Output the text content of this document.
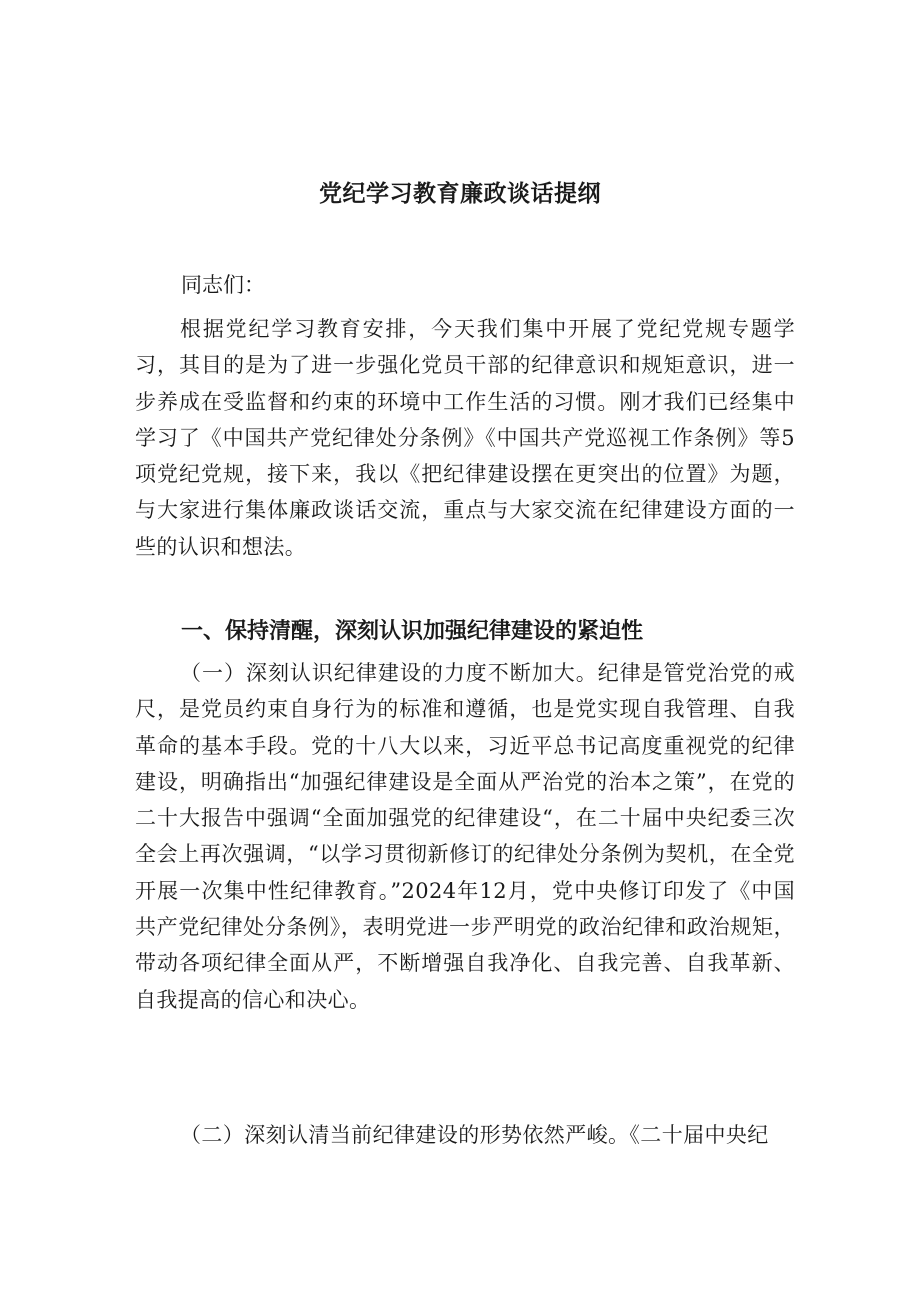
党纪学习教育廉政谈话提纲
同志们：

根据党纪学习教育安排，今天我们集中开展了党纪党规专题学习，其目的是为了进一步强化党员干部的纪律意识和规矩意识，进一步养成在受监督和约束的环境中工作生活的习惯。刚才我们已经集中学习了《中国共产党纪律处分条例》《中国共产党巡视工作条例》等5项党纪党规，接下来，我以《把纪律建设摆在更突出的位置》为题，与大家进行集体廉政谈话交流，重点与大家交流在纪律建设方面的一些的认识和想法。

一、保持清醒，深刻认识加强纪律建设的紧迫性

（一）深刻认识纪律建设的力度不断加大。纪律是管党治党的戒尺，是党员约束自身行为的标准和遵循，也是党实现自我管理、自我革命的基本手段。党的十八大以来，习近平总书记高度重视党的纪律建设，明确指出“加强纪律建设是全面从严治党的治本之策”，在党的二十大报告中强调“全面加强党的纪律建设“，在二十届中央纪委三次全会上再次强调，“以学习贯彻新修订的纪律处分条例为契机，在全党开展一次集中性纪律教育。”2024年12月，党中央修订印发了《中国共产党纪律处分条例》，表明党进一步严明党的政治纪律和政治规矩，带动各项纪律全面从严，不断增强自我净化、自我完善、自我革新、自我提高的信心和决心。

（二）深刻认清当前纪律建设的形势依然严峻。《二十届中央纪
